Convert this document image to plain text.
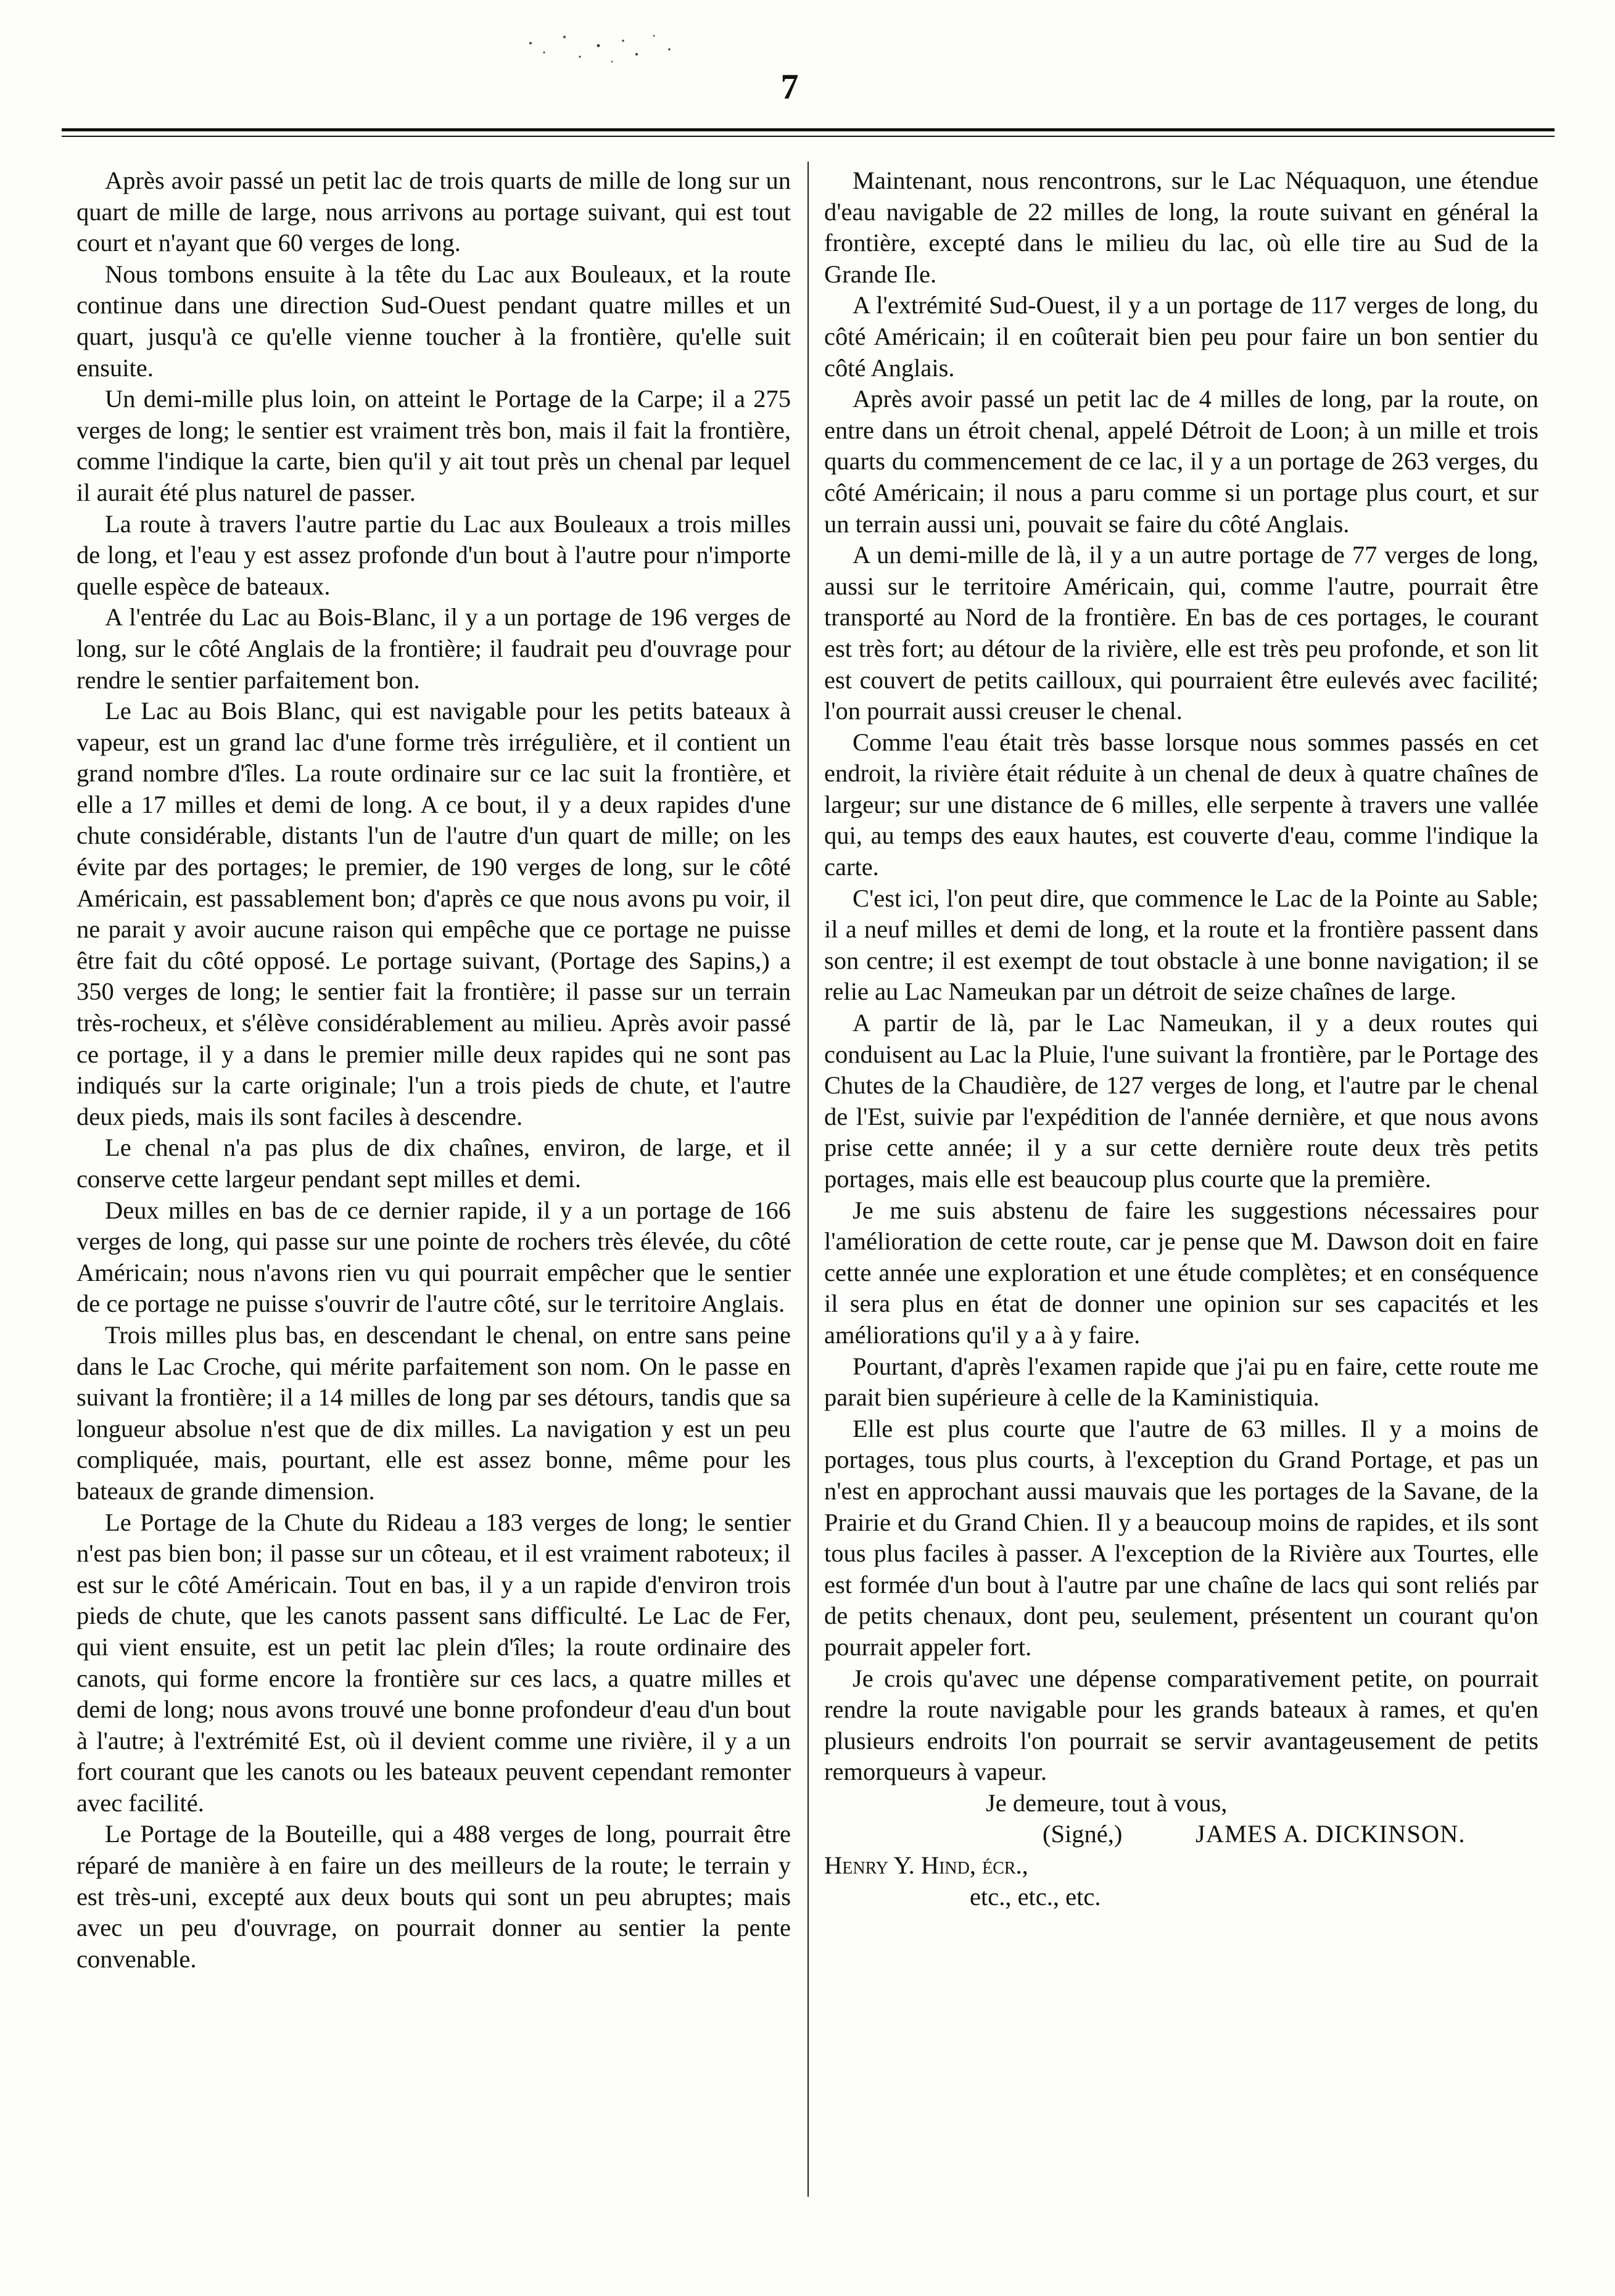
7

Après avoir passé un petit lac de trois quarts de mille de long sur un quart de mille de large, nous arrivons au portage suivant, qui est tout court et n'ayant que 60 verges de long.

Nous tombons ensuite à la tête du Lac aux Bouleaux, et la route continue dans une direction Sud-Ouest pendant quatre milles et un quart, jusqu'à ce qu'elle vienne toucher à la frontière, qu'elle suit ensuite.

Un demi-mille plus loin, on atteint le Portage de la Carpe; il a 275 verges de long; le sentier est vraiment très bon, mais il fait la frontière, comme l'indique la carte, bien qu'il y ait tout près un chenal par lequel il aurait été plus naturel de passer.

La route à travers l'autre partie du Lac aux Bouleaux a trois milles de long, et l'eau y est assez profonde d'un bout à l'autre pour n'importe quelle espèce de bateaux.

A l'entrée du Lac au Bois-Blanc, il y a un portage de 196 verges de long, sur le côté Anglais de la frontière; il faudrait peu d'ouvrage pour rendre le sentier parfaitement bon.

Le Lac au Bois Blanc, qui est navigable pour les petits bateaux à vapeur, est un grand lac d'une forme très irrégulière, et il contient un grand nombre d'îles. La route ordinaire sur ce lac suit la frontière, et elle a 17 milles et demi de long. A ce bout, il y a deux rapides d'une chute considérable, distants l'un de l'autre d'un quart de mille; on les évite par des portages; le premier, de 190 verges de long, sur le côté Américain, est passablement bon; d'après ce que nous avons pu voir, il ne parait y avoir aucune raison qui empêche que ce portage ne puisse être fait du côté opposé. Le portage suivant, (Portage des Sapins,) a 350 verges de long; le sentier fait la frontière; il passe sur un terrain très-rocheux, et s'élève considérablement au milieu. Après avoir passé ce portage, il y a dans le premier mille deux rapides qui ne sont pas indiqués sur la carte originale; l'un a trois pieds de chute, et l'autre deux pieds, mais ils sont faciles à descendre.

Le chenal n'a pas plus de dix chaînes, environ, de large, et il conserve cette largeur pendant sept milles et demi.

Deux milles en bas de ce dernier rapide, il y a un portage de 166 verges de long, qui passe sur une pointe de rochers très élevée, du côté Américain; nous n'avons rien vu qui pourrait empêcher que le sentier de ce portage ne puisse s'ouvrir de l'autre côté, sur le territoire Anglais.

Trois milles plus bas, en descendant le chenal, on entre sans peine dans le Lac Croche, qui mérite parfaitement son nom. On le passe en suivant la frontière; il a 14 milles de long par ses détours, tandis que sa longueur absolue n'est que de dix milles. La navigation y est un peu compliquée, mais, pourtant, elle est assez bonne, même pour les bateaux de grande dimension.

Le Portage de la Chute du Rideau a 183 verges de long; le sentier n'est pas bien bon; il passe sur un côteau, et il est vraiment raboteux; il est sur le côté Américain. Tout en bas, il y a un rapide d'environ trois pieds de chute, que les canots passent sans difficulté. Le Lac de Fer, qui vient ensuite, est un petit lac plein d'îles; la route ordinaire des canots, qui forme encore la frontière sur ces lacs, a quatre milles et demi de long; nous avons trouvé une bonne profondeur d'eau d'un bout à l'autre; à l'extrémité Est, où il devient comme une rivière, il y a un fort courant que les canots ou les bateaux peuvent cependant remonter avec facilité.

Le Portage de la Bouteille, qui a 488 verges de long, pourrait être réparé de manière à en faire un des meilleurs de la route; le terrain y est très-uni, excepté aux deux bouts qui sont un peu abruptes; mais avec un peu d'ouvrage, on pourrait donner au sentier la pente convenable.

Maintenant, nous rencontrons, sur le Lac Néquaquon, une étendue d'eau navigable de 22 milles de long, la route suivant en général la frontière, excepté dans le milieu du lac, où elle tire au Sud de la Grande Ile.

A l'extrémité Sud-Ouest, il y a un portage de 117 verges de long, du côté Américain; il en coûterait bien peu pour faire un bon sentier du côté Anglais.

Après avoir passé un petit lac de 4 milles de long, par la route, on entre dans un étroit chenal, appelé Détroit de Loon; à un mille et trois quarts du commencement de ce lac, il y a un portage de 263 verges, du côté Américain; il nous a paru comme si un portage plus court, et sur un terrain aussi uni, pouvait se faire du côté Anglais.

A un demi-mille de là, il y a un autre portage de 77 verges de long, aussi sur le territoire Américain, qui, comme l'autre, pourrait être transporté au Nord de la frontière. En bas de ces portages, le courant est très fort; au détour de la rivière, elle est très peu profonde, et son lit est couvert de petits cailloux, qui pourraient être eulevés avec facilité; l'on pourrait aussi creuser le chenal.

Comme l'eau était très basse lorsque nous sommes passés en cet endroit, la rivière était réduite à un chenal de deux à quatre chaînes de largeur; sur une distance de 6 milles, elle serpente à travers une vallée qui, au temps des eaux hautes, est couverte d'eau, comme l'indique la carte.

C'est ici, l'on peut dire, que commence le Lac de la Pointe au Sable; il a neuf milles et demi de long, et la route et la frontière passent dans son centre; il est exempt de tout obstacle à une bonne navigation; il se relie au Lac Nameukan par un détroit de seize chaînes de large.

A partir de là, par le Lac Nameukan, il y a deux routes qui conduisent au Lac la Pluie, l'une suivant la frontière, par le Portage des Chutes de la Chaudière, de 127 verges de long, et l'autre par le chenal de l'Est, suivie par l'expédition de l'année dernière, et que nous avons prise cette année; il y a sur cette dernière route deux très petits portages, mais elle est beaucoup plus courte que la première.

Je me suis abstenu de faire les suggestions nécessaires pour l'amélioration de cette route, car je pense que M. Dawson doit en faire cette année une exploration et une étude complètes; et en conséquence il sera plus en état de donner une opinion sur ses capacités et les améliorations qu'il y a à y faire.

Pourtant, d'après l'examen rapide que j'ai pu en faire, cette route me parait bien supérieure à celle de la Kaministiquia.

Elle est plus courte que l'autre de 63 milles. Il y a moins de portages, tous plus courts, à l'exception du Grand Portage, et pas un n'est en approchant aussi mauvais que les portages de la Savane, de la Prairie et du Grand Chien. Il y a beaucoup moins de rapides, et ils sont tous plus faciles à passer. A l'exception de la Rivière aux Tourtes, elle est formée d'un bout à l'autre par une chaîne de lacs qui sont reliés par de petits chenaux, dont peu, seulement, présentent un courant qu'on pourrait appeler fort.

Je crois qu'avec une dépense comparativement petite, on pourrait rendre la route navigable pour les grands bateaux à rames, et qu'en plusieurs endroits l'on pourrait se servir avantageusement de petits remorqueurs à vapeur.

Je demeure, tout à vous,

(Signé,)	JAMES A. DICKINSON.

Henry Y. Hind, écr.,

etc., etc., etc.
